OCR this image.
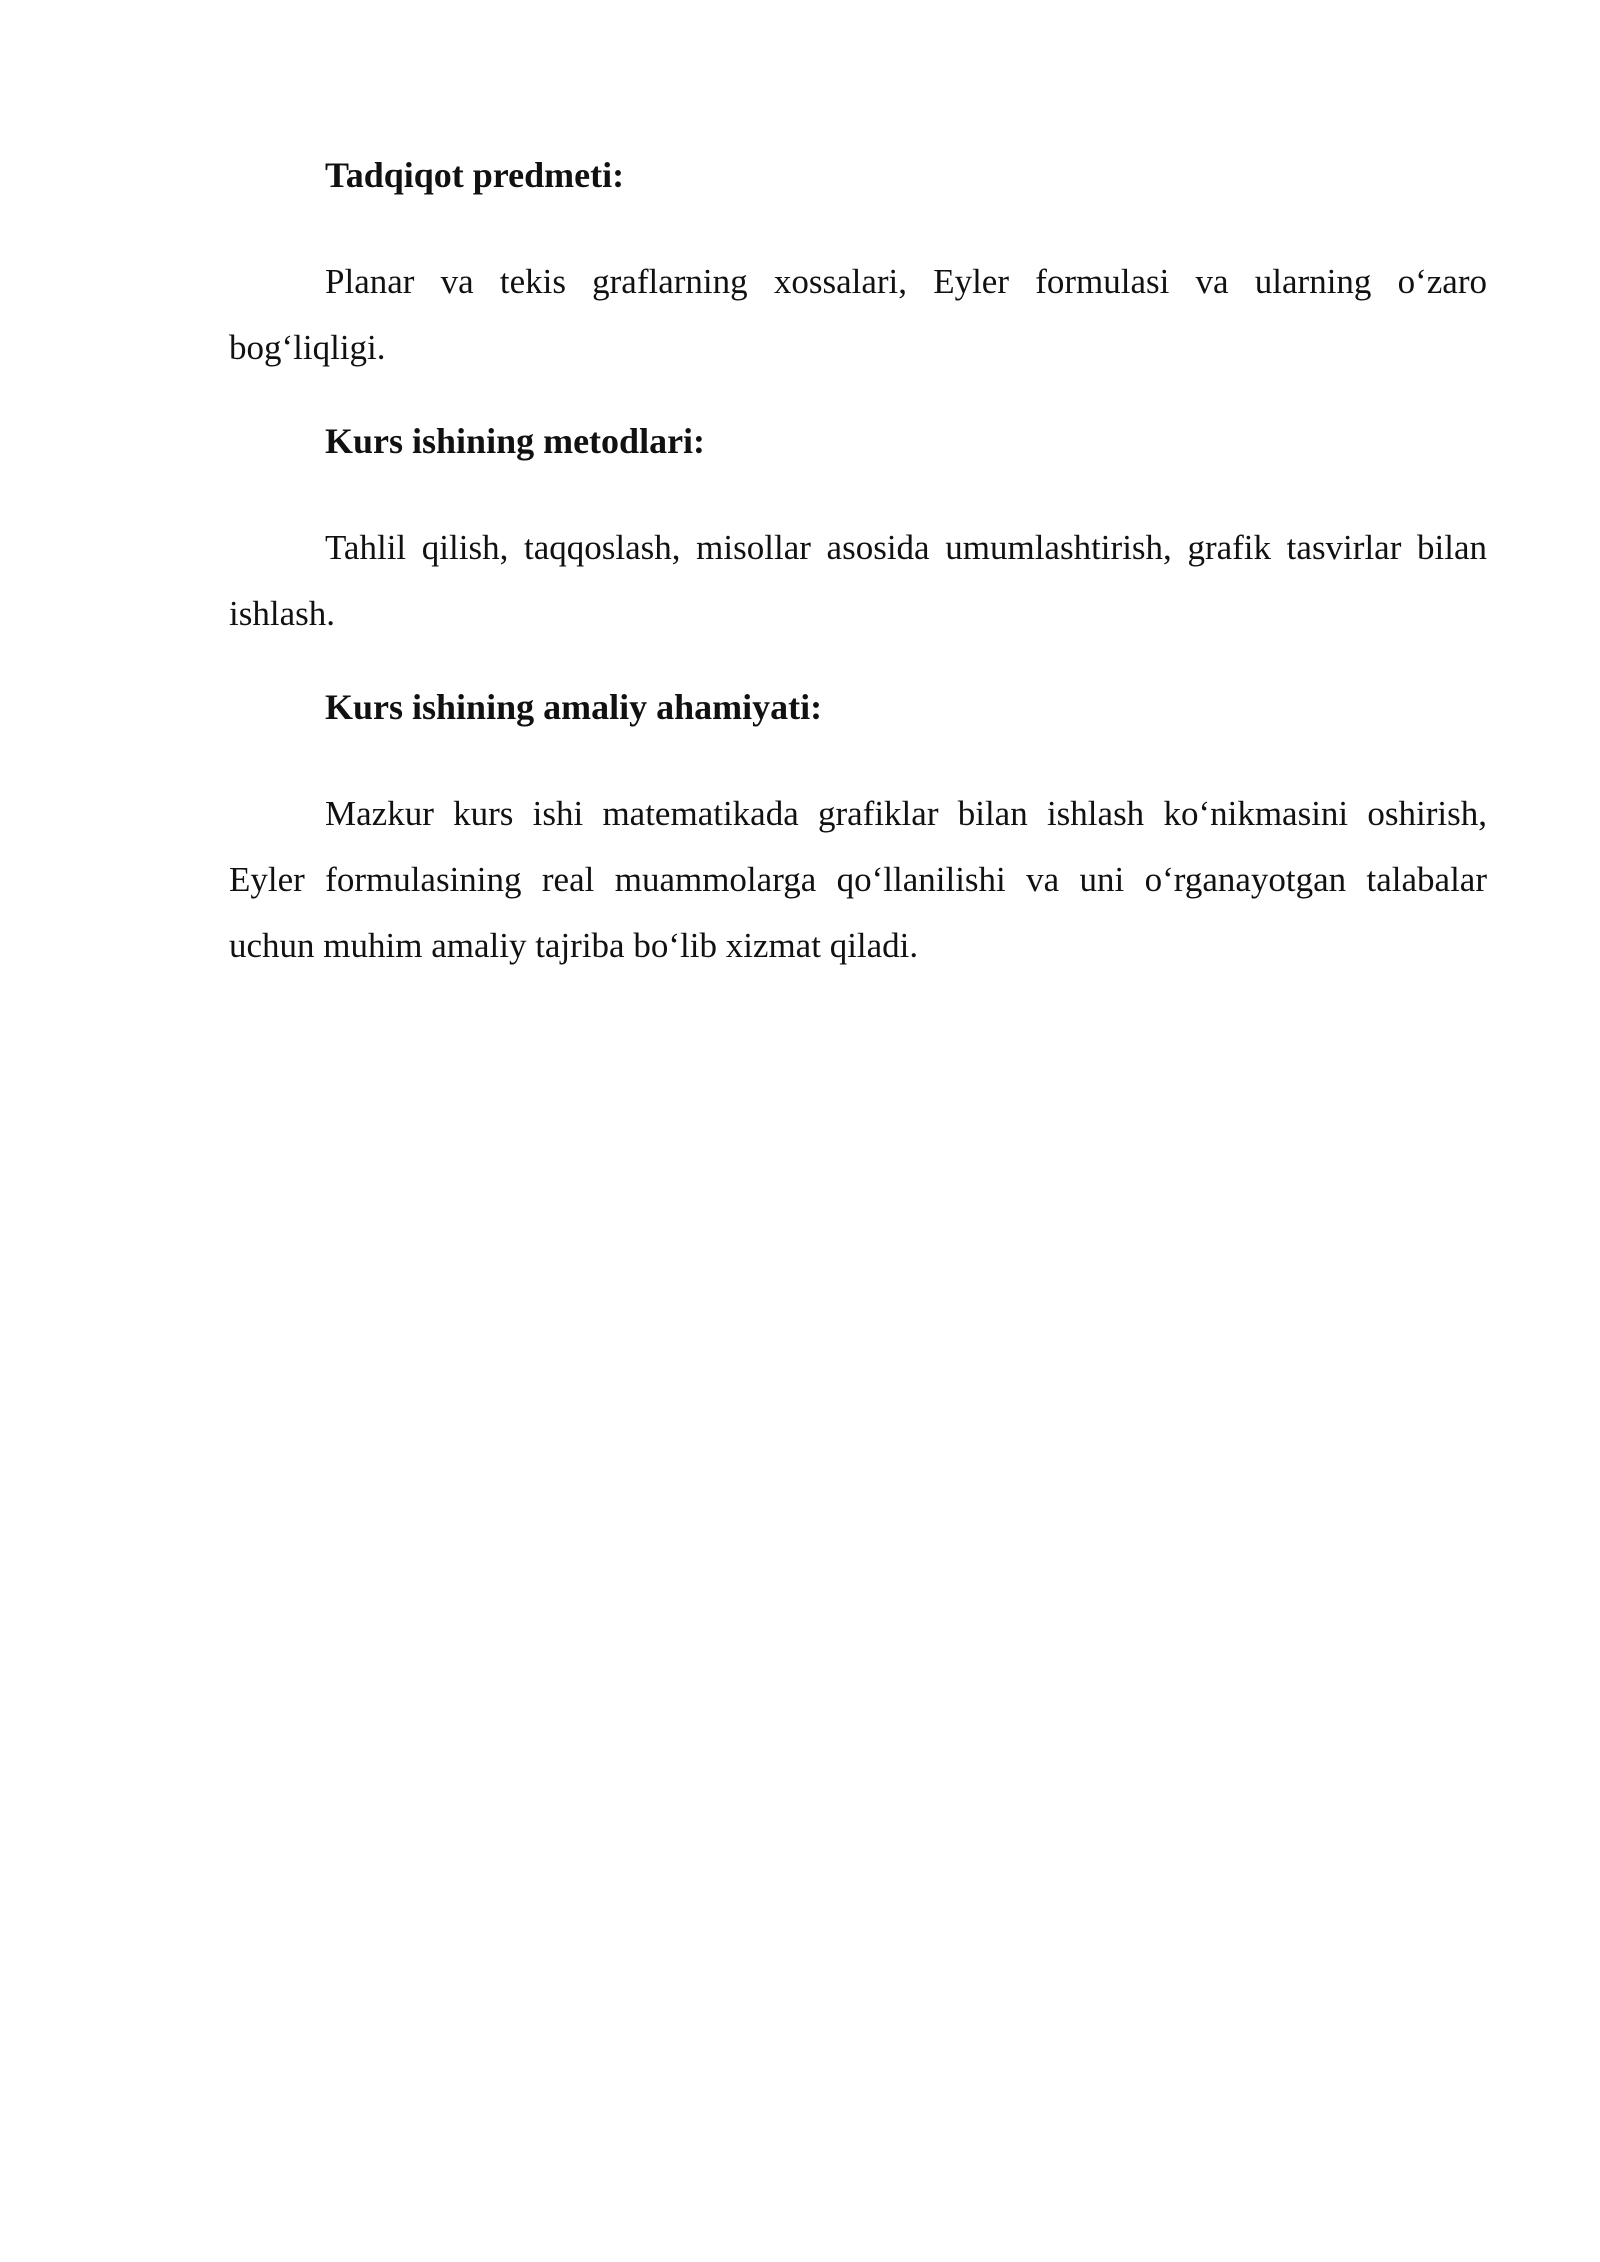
Tadqiqot predmeti:

Planar va tekis graflarning xossalari, Eyler formulasi va ularning o‘zaro bog‘liqligi.

Kurs ishining metodlari:

Tahlil qilish, taqqoslash, misollar asosida umumlashtirish, grafik tasvirlar bilan ishlash.

Kurs ishining amaliy ahamiyati:

Mazkur kurs ishi matematikada grafiklar bilan ishlash ko‘nikmasini oshirish, Eyler formulasining real muammolarga qo‘llanilishi va uni o‘rganayotgan talabalar uchun muhim amaliy tajriba bo‘lib xizmat qiladi.
